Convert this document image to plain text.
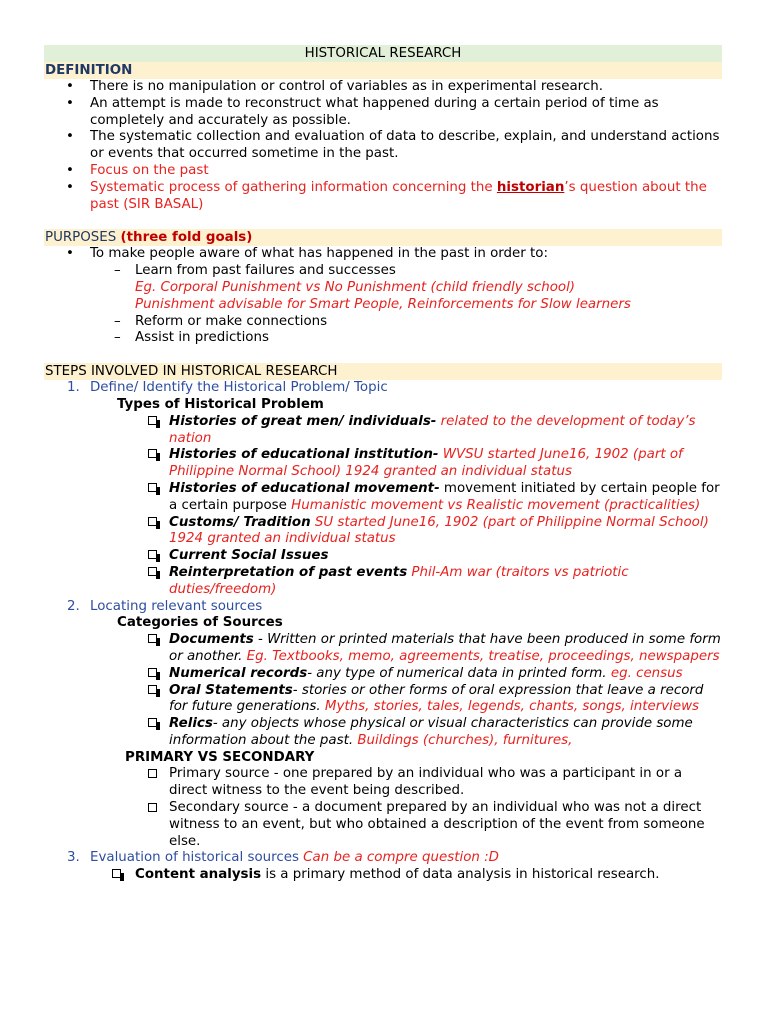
HISTORICAL RESEARCH
DEFINITION
•	There is no manipulation or control of variables as in experimental research.
•	An attempt is made to reconstruct what happened during a certain period of time as completely and accurately as possible.
•	The systematic collection and evaluation of data to describe, explain, and understand actions or events that occurred sometime in the past.
•	Focus on the past
•	Systematic process of gathering information concerning the historian’s question about the past (SIR BASAL)
PURPOSES (three fold goals)
•	To make people aware of what has happened in the past in order to:
–	Learn from past failures and successes
Eg. Corporal Punishment vs No Punishment (child friendly school)
Punishment advisable for Smart People, Reinforcements for Slow learners
–	Reform or make connections
–	Assist in predictions
STEPS INVOLVED IN HISTORICAL RESEARCH
1. Define/ Identify the Historical Problem/ Topic
Types of Historical Problem
Histories of great men/ individuals- related to the development of today’s nation
Histories of educational institution- WVSU started June16, 1902 (part of Philippine Normal School) 1924 granted an individual status
Histories of educational movement- movement initiated by certain people for a certain purpose Humanistic movement vs Realistic movement (practicalities)
Customs/ Tradition SU started June16, 1902 (part of Philippine Normal School) 1924 granted an individual status
Current Social Issues
Reinterpretation of past events Phil-Am war (traitors vs patriotic duties/freedom)
2. Locating relevant sources
Categories of Sources
Documents - Written or printed materials that have been produced in some form or another. Eg. Textbooks, memo, agreements, treatise, proceedings, newspapers
Numerical records- any type of numerical data in printed form. eg. census
Oral Statements- stories or other forms of oral expression that leave a record for future generations. Myths, stories, tales, legends, chants, songs, interviews
Relics- any objects whose physical or visual characteristics can provide some information about the past. Buildings (churches), furnitures,
PRIMARY VS SECONDARY
Primary source - one prepared by an individual who was a participant in or a direct witness to the event being described.
Secondary source - a document prepared by an individual who was not a direct witness to an event, but who obtained a description of the event from someone else.
3. Evaluation of historical sources Can be a compre question :D
Content analysis is a primary method of data analysis in historical research.
